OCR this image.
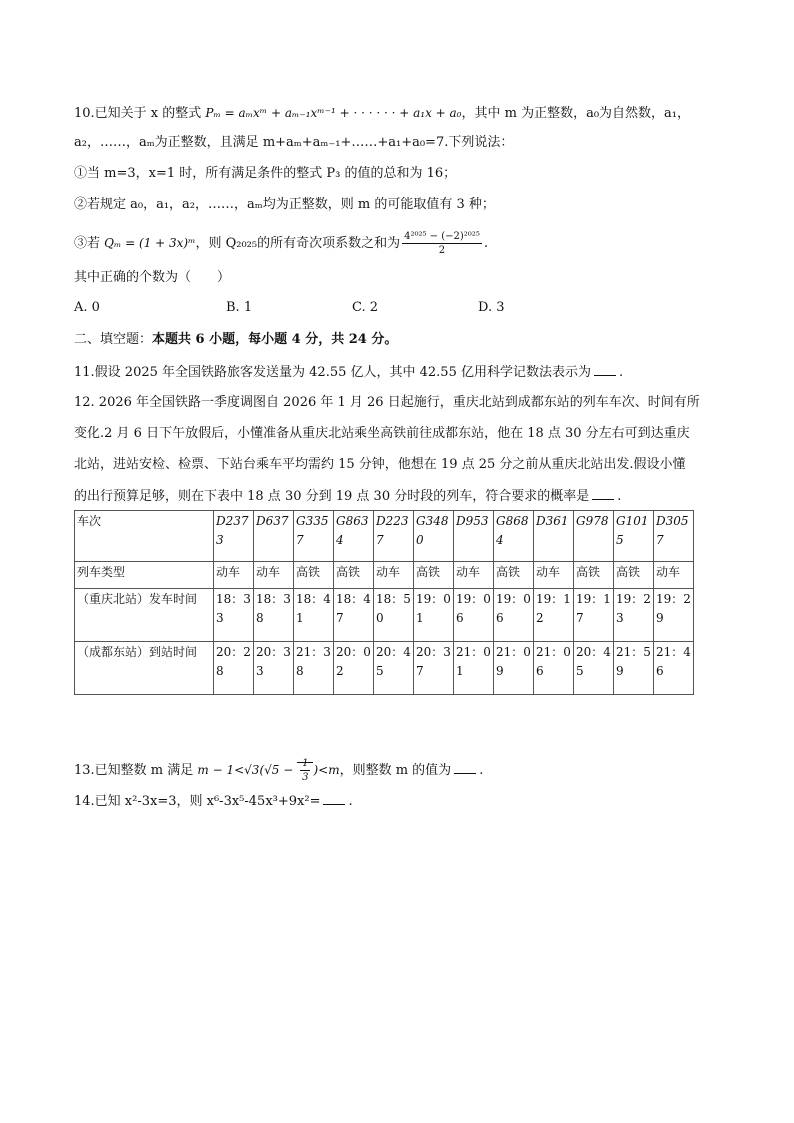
10.已知关于 x 的整式 Pₘ = aₘxᵐ + aₘ₋₁xᵐ⁻¹ + · · · · · · + a₁x + a₀，其中 m 为正整数，a₀为自然数，a₁，
a₂，……，aₘ为正整数，且满足 m+aₘ+aₘ₋₁+……+a₁+a₀=7.下列说法：
①当 m=3，x=1 时，所有满足条件的整式 P₃ 的值的总和为 16；
②若规定 a₀，a₁，a₂，……，aₘ均为正整数，则 m 的可能取值有 3 种；
③若 Qₘ = (1 + 3x)ᵐ，则 Q₂₀₂₅的所有奇次项系数之和为 $\frac{\text{4²⁰²⁵ − (−2)²⁰²⁵}}{2}$ .
其中正确的个数为（　　）
A. 0	B. 1	C. 2	D. 3
二、填空题：本题共 6 小题，每小题 4 分，共 24 分。
11.假设 2025 年全国铁路旅客发送量为 42.55 亿人，其中 42.55 亿用科学记数法表示为 .
12. 2026 年全国铁路一季度调图自 2026 年 1 月 26 日起施行，重庆北站到成都东站的列车车次、时间有所
变化.2 月 6 日下午放假后，小懂准备从重庆北站乘坐高铁前往成都东站，他在 18 点 30 分左右可到达重庆
北站，进站安检、检票、下站台乘车平均需约 15 分钟，他想在 19 点 25 分之前从重庆北站出发.假设小懂
的出行预算足够，则在下表中 18 点 30 分到 19 点 30 分时段的列车，符合要求的概率是 .
车次	D2373	D637	G3357	G8634	D2237	G3480	D953	G8684	D361	G978	G1015	D3057
列车类型	动车	动车	高铁	高铁	动车	高铁	动车	高铁	动车	高铁	高铁	动车
（重庆北站）发车时间	18：33	18：38	18：41	18：47	18：50	19：01	19：06	19：06	19：12	19：17	19：23	19：29
（成都东站）到站时间	20：28	20：33	21：38	20：02	20：45	20：37	21：01	21：09	21：06	20：45	21：59	21：46
13.已知整数 m 满足 $m - 1<√3(√5 - \frac{1}{3} )<m$，则整数 m 的值为 .
14.已知 x²-3x=3，则 x⁶-3x⁵-45x³+9x²= .
